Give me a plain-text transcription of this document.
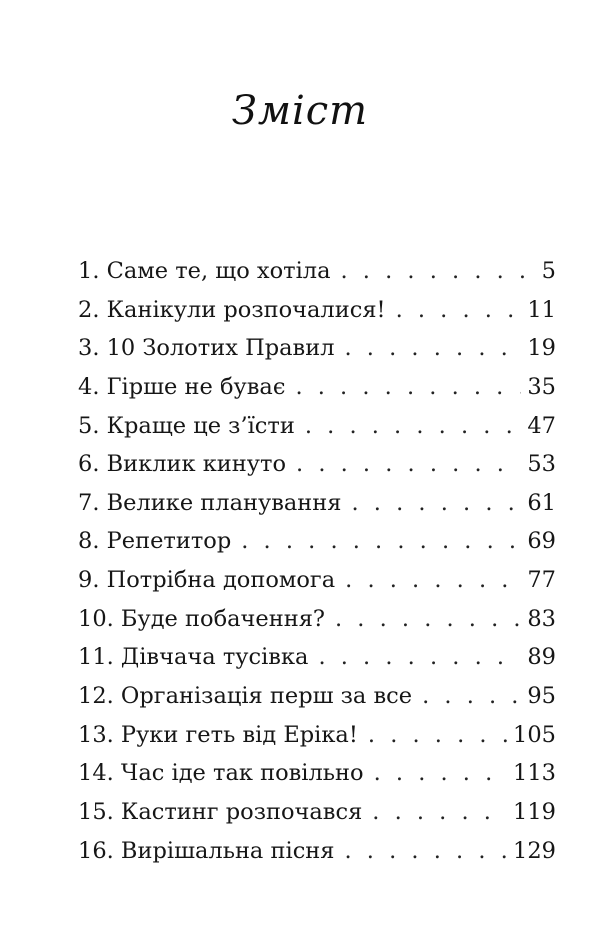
Зміст
1. Саме те, що хотіла . . .	5
2. Канікули розпочалися! . . .	11
3. 10 Золотих Правил . . .	19
4. Гірше не буває . . .	35
5. Краще це з’їсти . . .	47
6. Виклик кинуто . . .	53
7. Велике планування . . .	61
8. Репетитор . . .	69
9. Потрібна допомога . . .	77
10. Буде побачення? . . .	83
11. Дівчача тусівка . . .	89
12. Організація перш за все . . .	95
13. Руки геть від Еріка! . . .	105
14. Час іде так повільно . . .	113
15. Кастинг розпочався . . .	119
16. Вирішальна пісня . . .	129
